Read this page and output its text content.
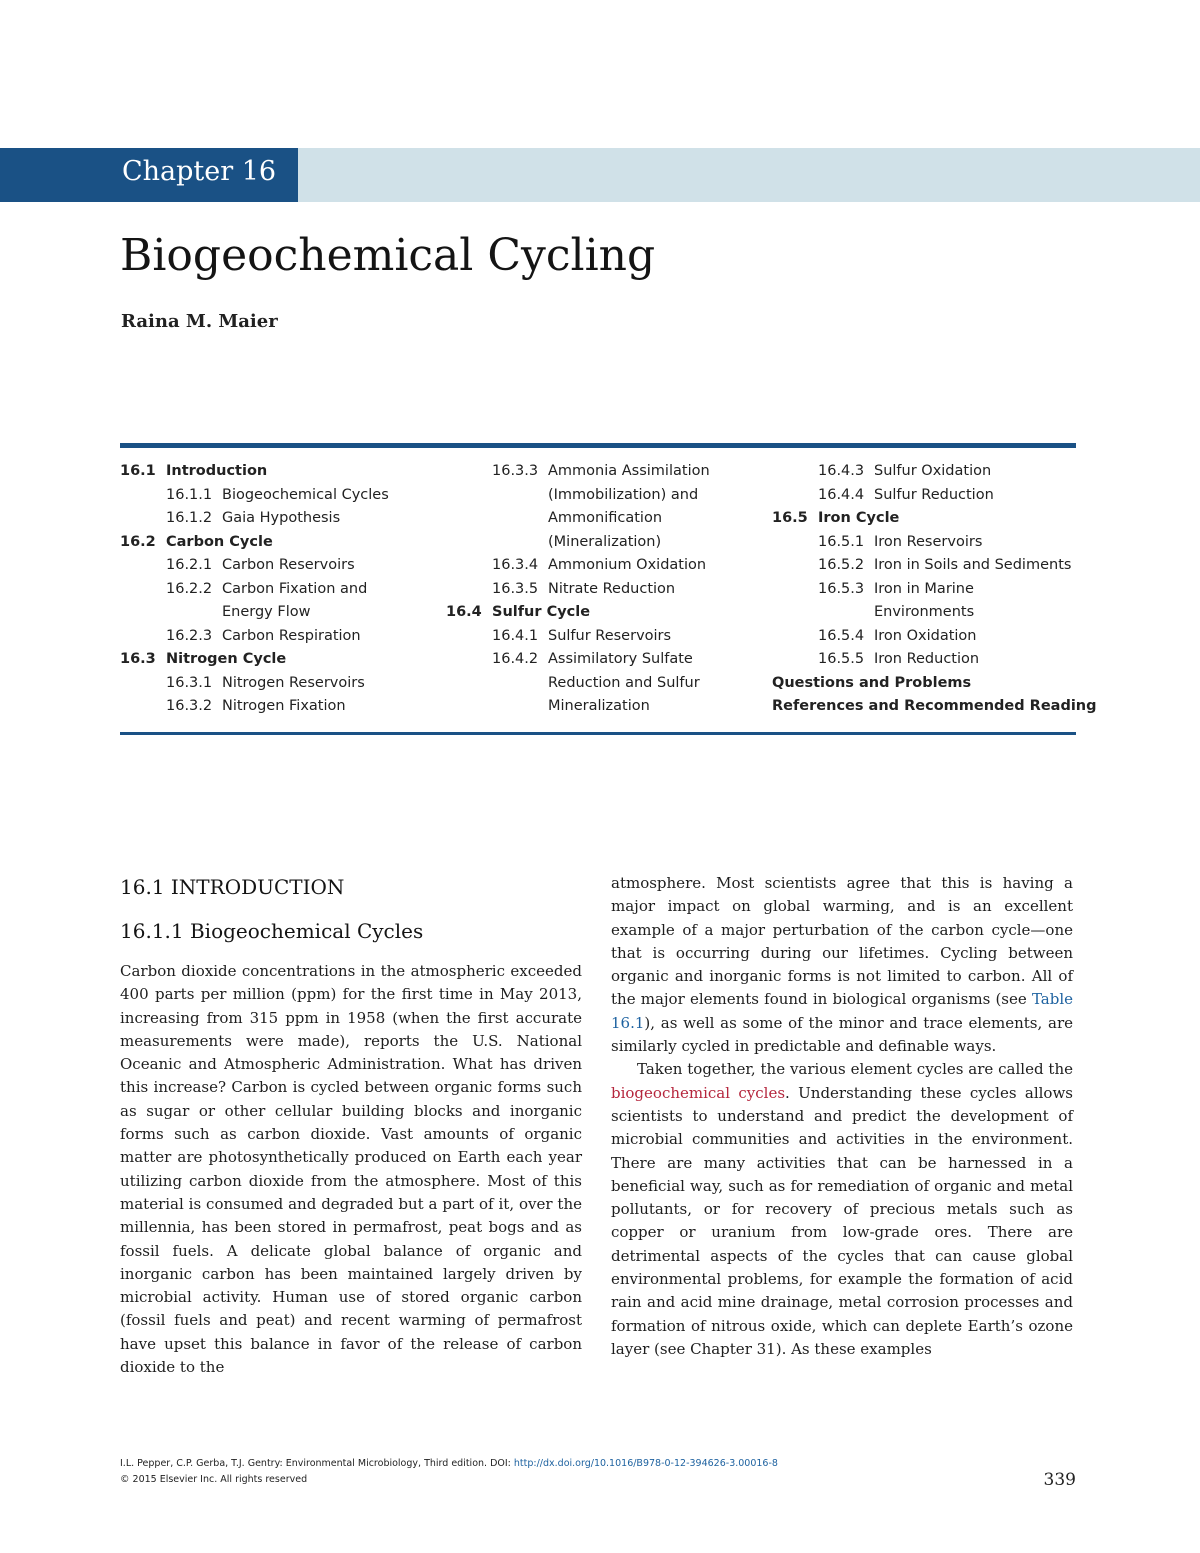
Chapter 16
Biogeochemical Cycling
Raina M. Maier
16.1 Introduction
16.1.1 Biogeochemical Cycles
16.1.2 Gaia Hypothesis
16.2 Carbon Cycle
16.2.1 Carbon Reservoirs
16.2.2 Carbon Fixation and
Energy Flow
16.2.3 Carbon Respiration
16.3 Nitrogen Cycle
16.3.1 Nitrogen Reservoirs
16.3.2 Nitrogen Fixation
16.3.3 Ammonia Assimilation
(Immobilization) and
Ammonification
(Mineralization)
16.3.4 Ammonium Oxidation
16.3.5 Nitrate Reduction
16.4 Sulfur Cycle
16.4.1 Sulfur Reservoirs
16.4.2 Assimilatory Sulfate
Reduction and Sulfur
Mineralization
16.4.3 Sulfur Oxidation
16.4.4 Sulfur Reduction
16.5 Iron Cycle
16.5.1 Iron Reservoirs
16.5.2 Iron in Soils and Sediments
16.5.3 Iron in Marine
Environments
16.5.4 Iron Oxidation
16.5.5 Iron Reduction
Questions and Problems
References and Recommended Reading
16.1 INTRODUCTION
16.1.1 Biogeochemical Cycles

Carbon dioxide concentrations in the atmospheric exceeded 400 parts per million (ppm) for the first time in May 2013, increasing from 315 ppm in 1958 (when the first accurate measurements were made), reports the U.S. National Oceanic and Atmospheric Administration. What has driven this increase? Carbon is cycled between organic forms such as sugar or other cellular building blocks and inorganic forms such as carbon dioxide. Vast amounts of organic matter are photosynthetically produced on Earth each year utilizing carbon dioxide from the atmosphere. Most of this material is consumed and degraded but a part of it, over the millennia, has been stored in permafrost, peat bogs and as fossil fuels. A delicate global balance of organic and inorganic carbon has been maintained largely driven by microbial activity. Human use of stored organic carbon (fossil fuels and peat) and recent warming of permafrost have upset this balance in favor of the release of carbon dioxide to the

atmosphere. Most scientists agree that this is having a major impact on global warming, and is an excellent example of a major perturbation of the carbon cycle—one that is occurring during our lifetimes. Cycling between organic and inorganic forms is not limited to carbon. All of the major elements found in biological organisms (see Table 16.1), as well as some of the minor and trace elements, are similarly cycled in predictable and definable ways.

Taken together, the various element cycles are called the biogeochemical cycles. Understanding these cycles allows scientists to understand and predict the development of microbial communities and activities in the environment. There are many activities that can be harnessed in a beneficial way, such as for remediation of organic and metal pollutants, or for recovery of precious metals such as copper or uranium from low-grade ores. There are detrimental aspects of the cycles that can cause global environmental problems, for example the formation of acid rain and acid mine drainage, metal corrosion processes and formation of nitrous oxide, which can deplete Earth’s ozone layer (see Chapter 31). As these examples

I.L. Pepper, C.P. Gerba, T.J. Gentry: Environmental Microbiology, Third edition. DOI: http://dx.doi.org/10.1016/B978-0-12-394626-3.00016-8
© 2015 Elsevier Inc. All rights reserved	339
